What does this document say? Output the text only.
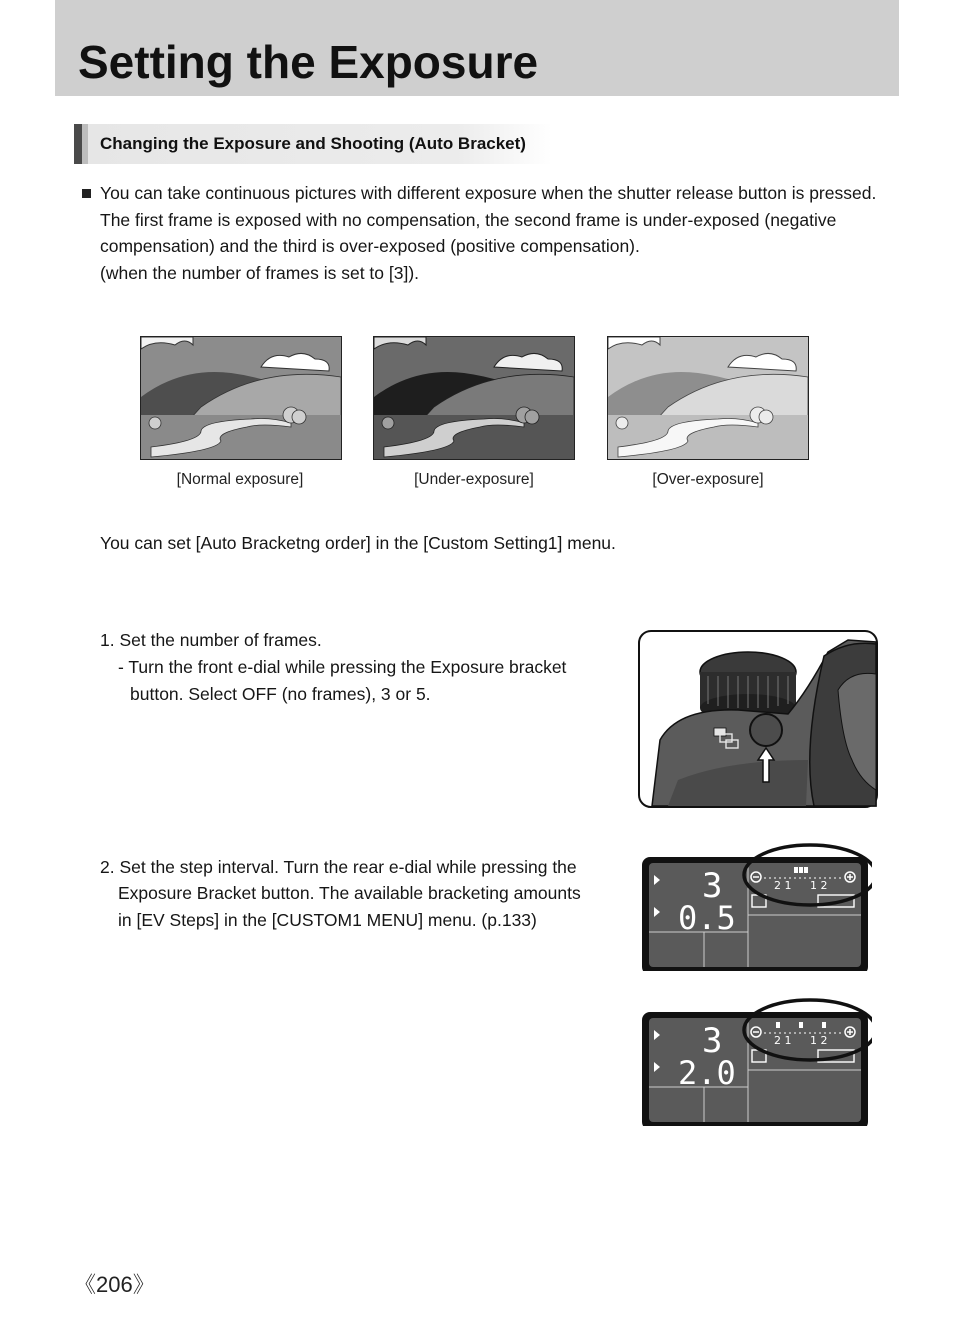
Setting the Exposure
Changing the Exposure and Shooting (Auto Bracket)
You can take continuous pictures with different exposure when the shutter release button is pressed.
The first frame is exposed with no compensation, the second frame is under-exposed (negative
compensation) and the third is over-exposed (positive compensation).
(when the number of frames is set to [3]).
[Normal exposure]	[Under-exposure]	[Over-exposure]
You can set [Auto Bracketng order] in the [Custom Setting1] menu.
1. Set the number of frames.
- Turn the front e-dial while pressing the Exposure bracket
button. Select OFF (no frames), 3 or 5.
2. Set the step interval. Turn the rear e-dial while pressing the
Exposure Bracket button. The available bracketing amounts
in [EV Steps] in the [CUSTOM1 MENU] menu. (p.133)
3
0.5
2 1 1 2
3
2.0
2 1 1 2
《206》
